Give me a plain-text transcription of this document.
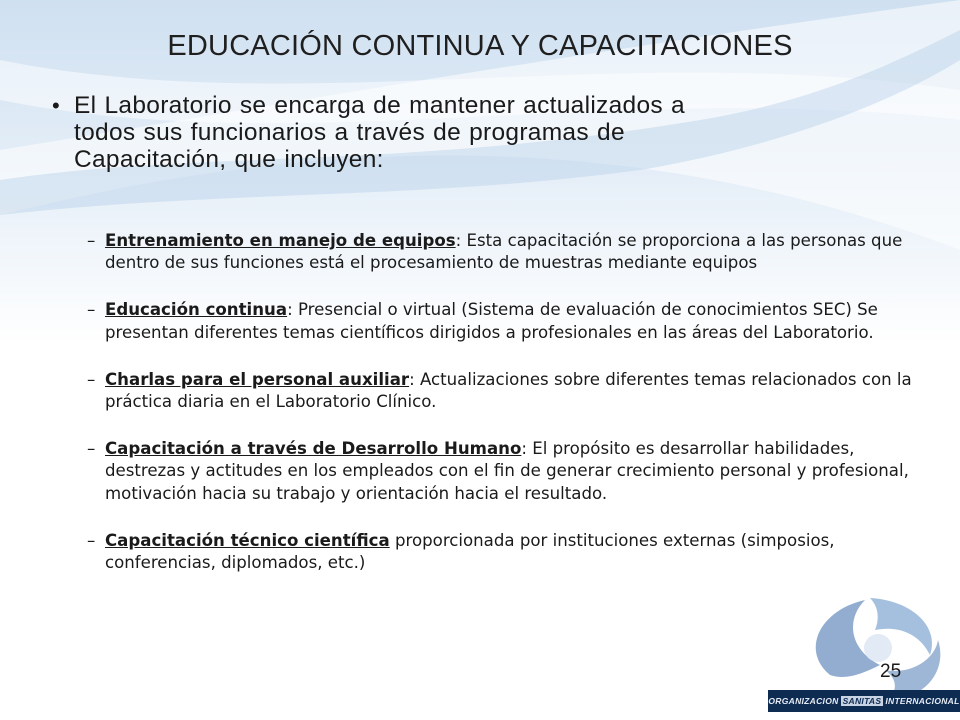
EDUCACIÓN CONTINUA Y CAPACITACIONES
• El Laboratorio se encarga de mantener actualizados a
todos sus funcionarios a través de programas de
Capacitación, que incluyen:
– Entrenamiento en manejo de equipos: Esta capacitación se proporciona a las personas que dentro de sus funciones está el procesamiento de muestras mediante equipos
– Educación continua: Presencial o virtual (Sistema de evaluación de conocimientos SEC) Se presentan diferentes temas científicos dirigidos a profesionales en las áreas del Laboratorio.
– Charlas para el personal auxiliar: Actualizaciones sobre diferentes temas relacionados con la práctica diaria en el Laboratorio Clínico.
– Capacitación a través de Desarrollo Humano: El propósito es desarrollar habilidades, destrezas y actitudes en los empleados con el fin de generar crecimiento personal y profesional, motivación hacia su trabajo y orientación hacia el resultado.
– Capacitación técnico científica proporcionada por instituciones externas (simposios, conferencias, diplomados, etc.)
25
ORGANIZACION SANITAS INTERNACIONAL
